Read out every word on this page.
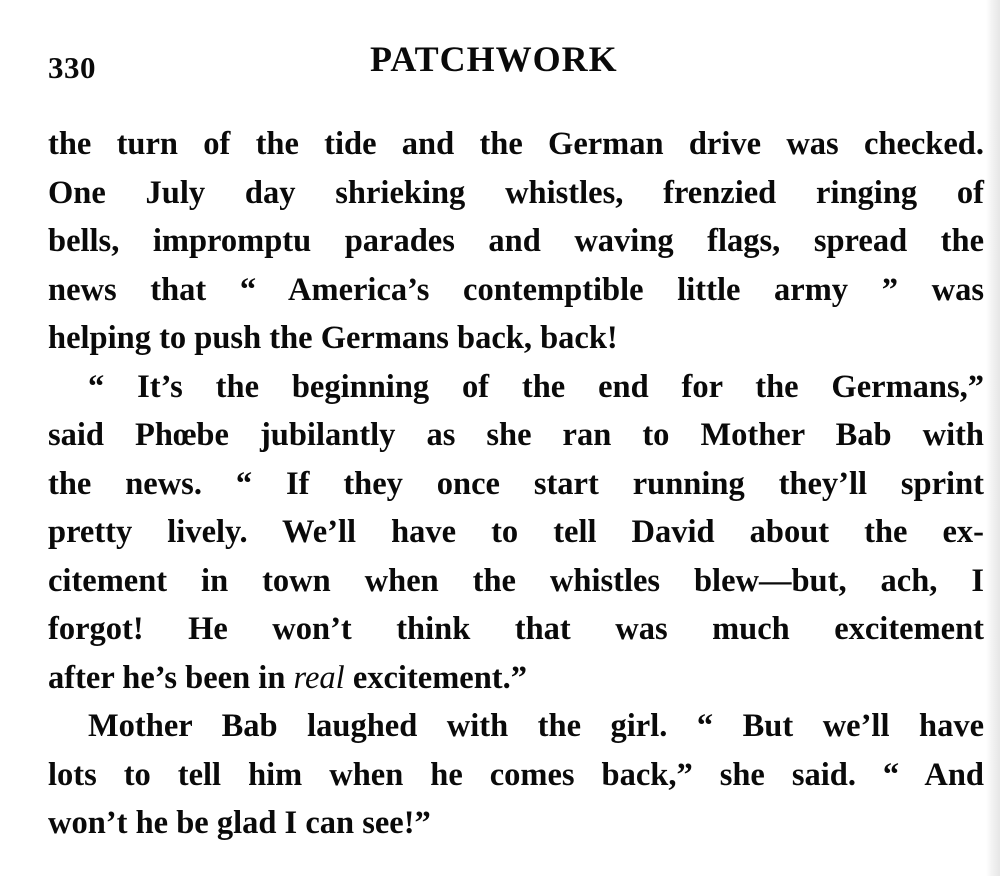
330	PATCHWORK
the turn of the tide and the German drive was checked.
One July day shrieking whistles, frenzied ringing of
bells, impromptu parades and waving flags, spread the
news that “ America’s contemptible little army ” was
helping to push the Germans back, back!
“ It’s the beginning of the end for the Germans,”
said Phœbe jubilantly as she ran to Mother Bab with
the news. “ If they once start running they’ll sprint
pretty lively. We’ll have to tell David about the ex-
citement in town when the whistles blew—but, ach, I
forgot! He won’t think that was much excitement
after he’s been in real excitement.”
Mother Bab laughed with the girl. “ But we’ll have
lots to tell him when he comes back,” she said. “ And
won’t he be glad I can see!”
